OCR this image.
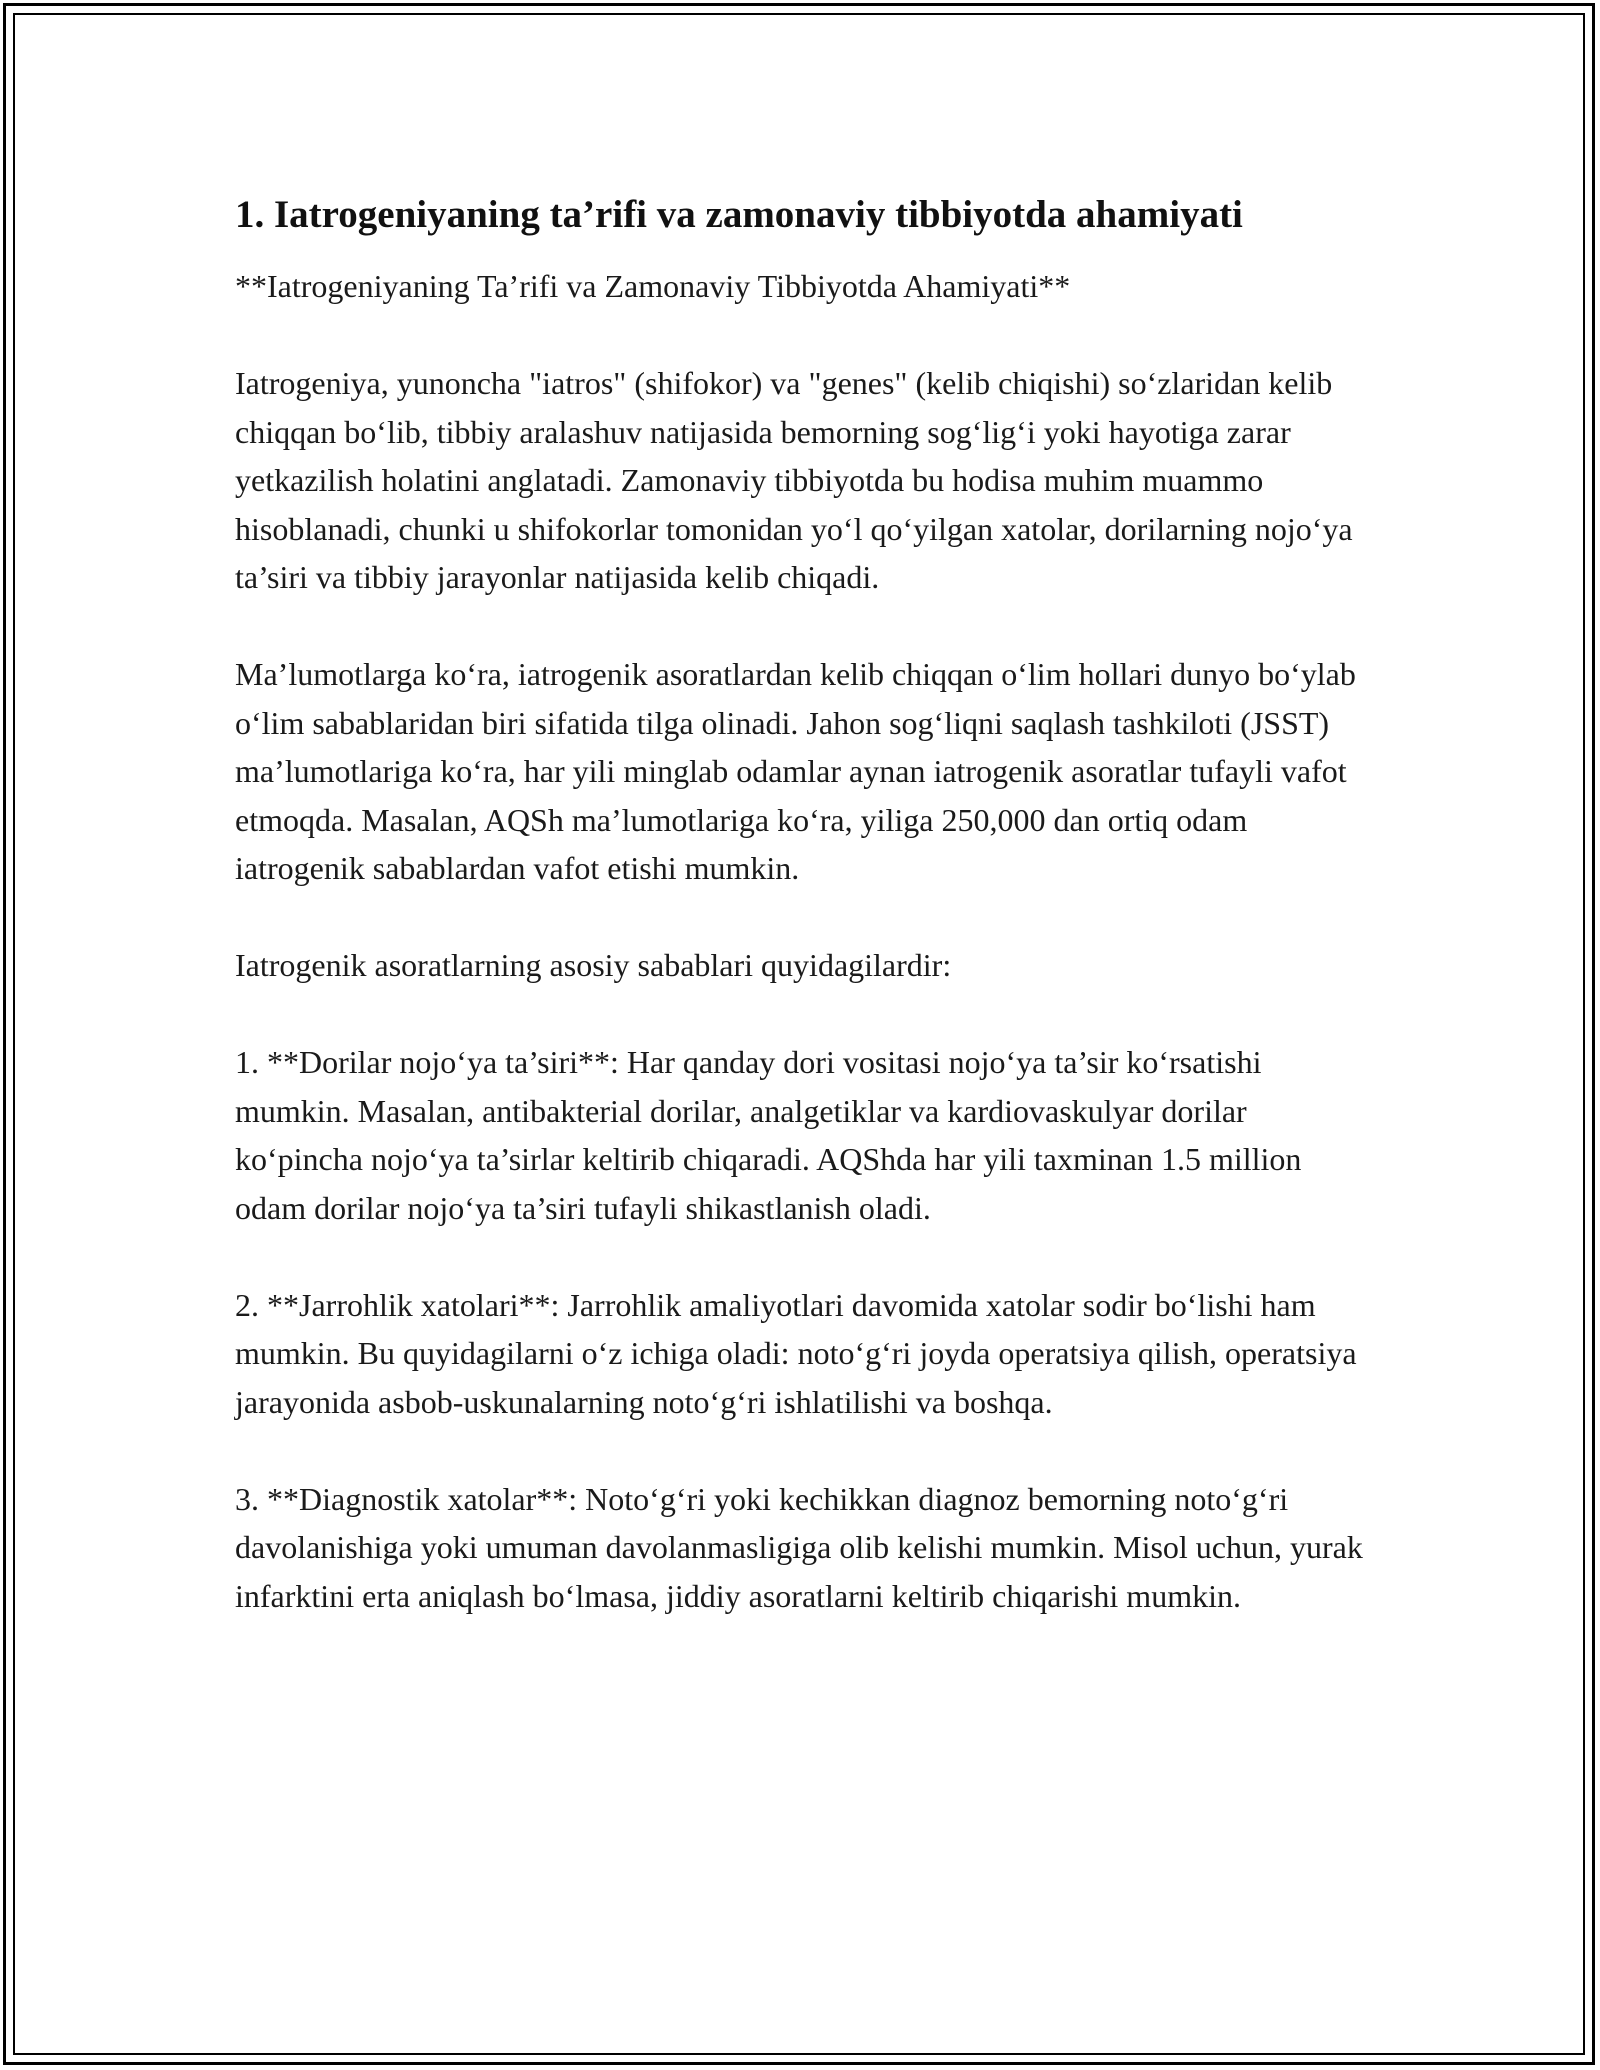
1. Iatrogeniyaning ta’rifi va zamonaviy tibbiyotda ahamiyati

**Iatrogeniyaning Ta’rifi va Zamonaviy Tibbiyotda Ahamiyati**

Iatrogeniya, yunoncha "iatros" (shifokor) va "genes" (kelib chiqishi) so‘zlaridan kelib chiqqan bo‘lib, tibbiy aralashuv natijasida bemorning sog‘lig‘i yoki hayotiga zarar yetkazilish holatini anglatadi. Zamonaviy tibbiyotda bu hodisa muhim muammo hisoblanadi, chunki u shifokorlar tomonidan yo‘l qo‘yilgan xatolar, dorilarning nojo‘ya ta’siri va tibbiy jarayonlar natijasida kelib chiqadi.

Ma’lumotlarga ko‘ra, iatrogenik asoratlardan kelib chiqqan o‘lim hollari dunyo bo‘ylab o‘lim sabablaridan biri sifatida tilga olinadi. Jahon sog‘liqni saqlash tashkiloti (JSST) ma’lumotlariga ko‘ra, har yili minglab odamlar aynan iatrogenik asoratlar tufayli vafot etmoqda. Masalan, AQSh ma’lumotlariga ko‘ra, yiliga 250,000 dan ortiq odam iatrogenik sabablardan vafot etishi mumkin.

Iatrogenik asoratlarning asosiy sabablari quyidagilardir:

1. **Dorilar nojo‘ya ta’siri**: Har qanday dori vositasi nojo‘ya ta’sir ko‘rsatishi mumkin. Masalan, antibakterial dorilar, analgetiklar va kardiovaskulyar dorilar ko‘pincha nojo‘ya ta’sirlar keltirib chiqaradi. AQShda har yili taxminan 1.5 million odam dorilar nojo‘ya ta’siri tufayli shikastlanish oladi.

2. **Jarrohlik xatolari**: Jarrohlik amaliyotlari davomida xatolar sodir bo‘lishi ham mumkin. Bu quyidagilarni o‘z ichiga oladi: noto‘g‘ri joyda operatsiya qilish, operatsiya jarayonida asbob-uskunalarning noto‘g‘ri ishlatilishi va boshqa.

3. **Diagnostik xatolar**: Noto‘g‘ri yoki kechikkan diagnoz bemorning noto‘g‘ri davolanishiga yoki umuman davolanmasligiga olib kelishi mumkin. Misol uchun, yurak infarktini erta aniqlash bo‘lmasa, jiddiy asoratlarni keltirib chiqarishi mumkin.
